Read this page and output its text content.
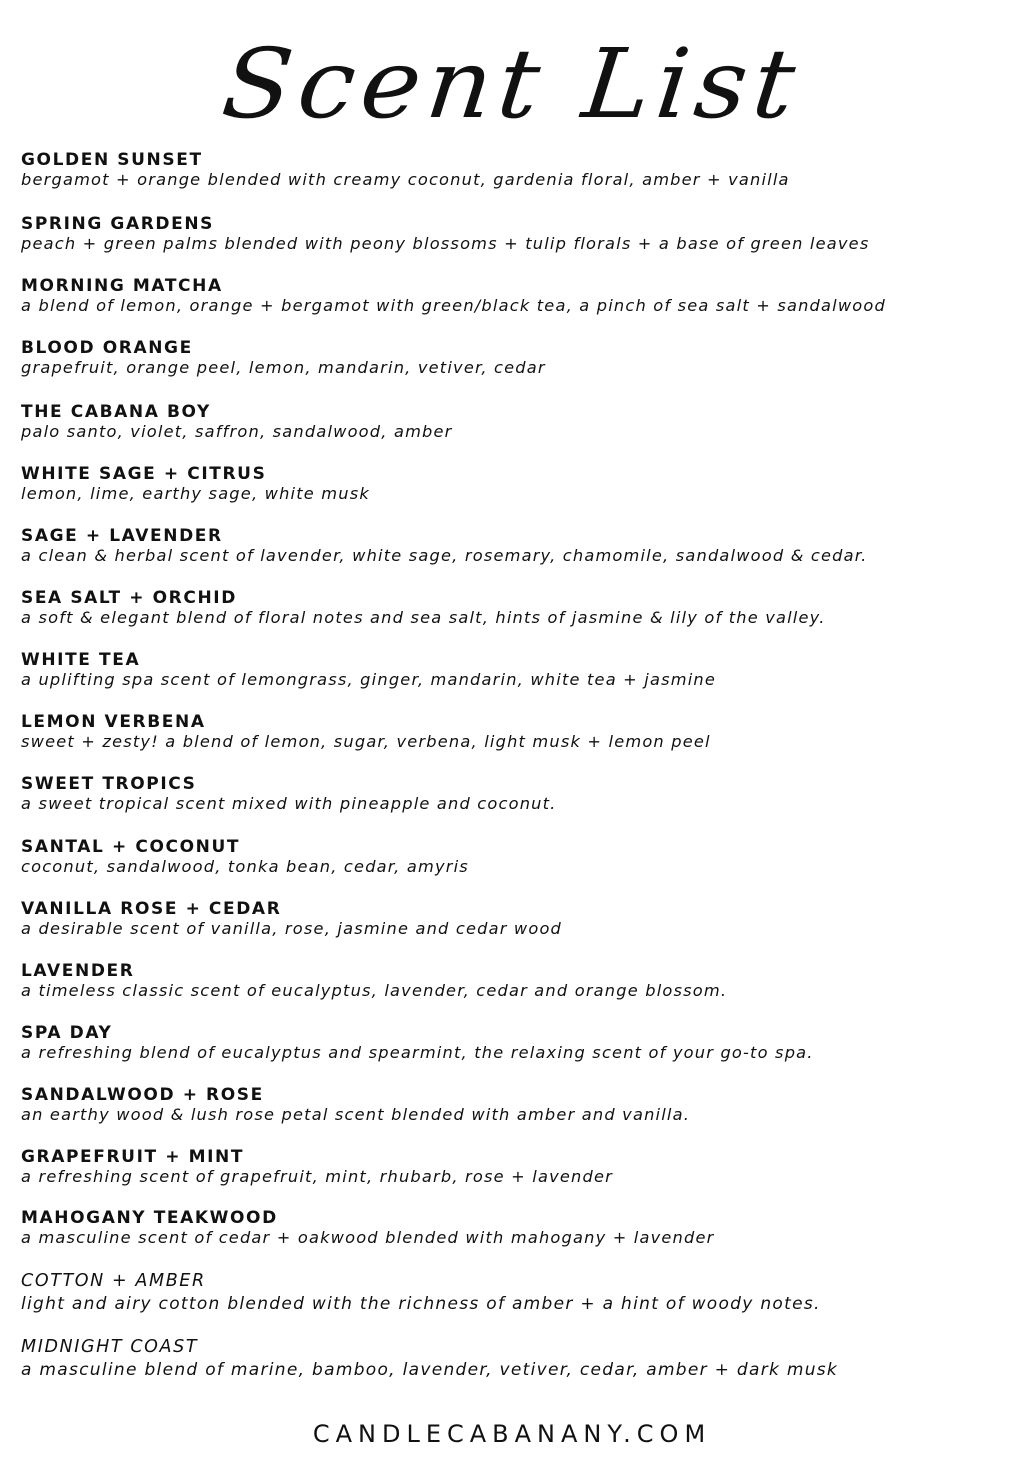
Scent List
GOLDEN SUNSET
bergamot + orange blended with creamy coconut, gardenia floral, amber + vanilla
SPRING GARDENS
peach + green palms blended with peony blossoms + tulip florals + a base of green leaves
MORNING MATCHA
a blend of lemon, orange + bergamot with green/black tea, a pinch of sea salt + sandalwood
BLOOD ORANGE
grapefruit, orange peel, lemon, mandarin, vetiver, cedar
THE CABANA BOY
palo santo, violet, saffron, sandalwood, amber
WHITE SAGE + CITRUS
lemon, lime, earthy sage, white musk
SAGE + LAVENDER
a clean & herbal scent of lavender, white sage, rosemary, chamomile, sandalwood & cedar.
SEA SALT + ORCHID
a soft & elegant blend of floral notes and sea salt, hints of jasmine & lily of the valley.
WHITE TEA
a uplifting spa scent of lemongrass, ginger, mandarin, white tea + jasmine
LEMON VERBENA
sweet + zesty! a blend of lemon, sugar, verbena, light musk + lemon peel
SWEET TROPICS
a sweet tropical scent mixed with pineapple and coconut.
SANTAL + COCONUT
coconut, sandalwood, tonka bean, cedar, amyris
VANILLA ROSE + CEDAR
a desirable scent of vanilla, rose, jasmine and cedar wood
LAVENDER
a timeless classic scent of eucalyptus, lavender, cedar and orange blossom.
SPA DAY
a refreshing blend of eucalyptus and spearmint, the relaxing scent of your go-to spa.
SANDALWOOD + ROSE
an earthy wood & lush rose petal scent blended with amber and vanilla.
GRAPEFRUIT + MINT
a refreshing scent of grapefruit, mint, rhubarb, rose + lavender
MAHOGANY TEAKWOOD
a masculine scent of cedar + oakwood blended with mahogany + lavender
COTTON + AMBER
light and airy cotton blended with the richness of amber + a hint of woody notes.
MIDNIGHT COAST
a masculine blend of marine, bamboo, lavender, vetiver, cedar, amber + dark musk
CANDLECABANANY.COM
